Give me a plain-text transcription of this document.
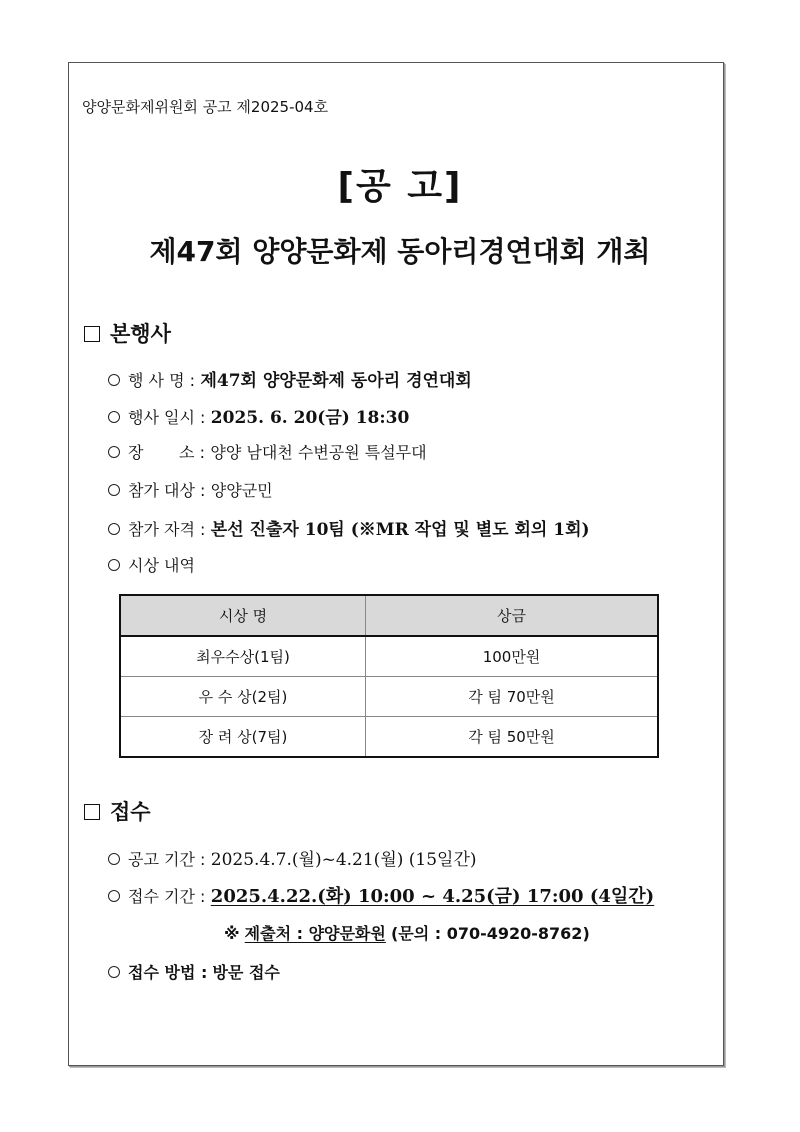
양양문화제위원회 공고 제2025-04호
[공 고]
제47회 양양문화제 동아리경연대회 개최
본행사
행 사 명 : 제47회 양양문화제 동아리 경연대회
행사 일시 : 2025. 6. 20(금) 18:30
장       소 : 양양 남대천 수변공원 특설무대
참가 대상 : 양양군민
참가 자격 : 본선 진출자 10팀 (※MR 작업 및 별도 회의 1회)
시상 내역
시상 명	상금
최우수상(1팀)	100만원
우 수 상(2팀)	각 팀 70만원
장 려 상(7팀)	각 팀 50만원
접수
공고 기간 : 2025.4.7.(월)~4.21(월) (15일간)
접수 기간 : 2025.4.22.(화) 10:00 ~ 4.25(금) 17:00 (4일간)
※ 제출처 : 양양문화원 (문의 : 070-4920-8762)
접수 방법 : 방문 접수
